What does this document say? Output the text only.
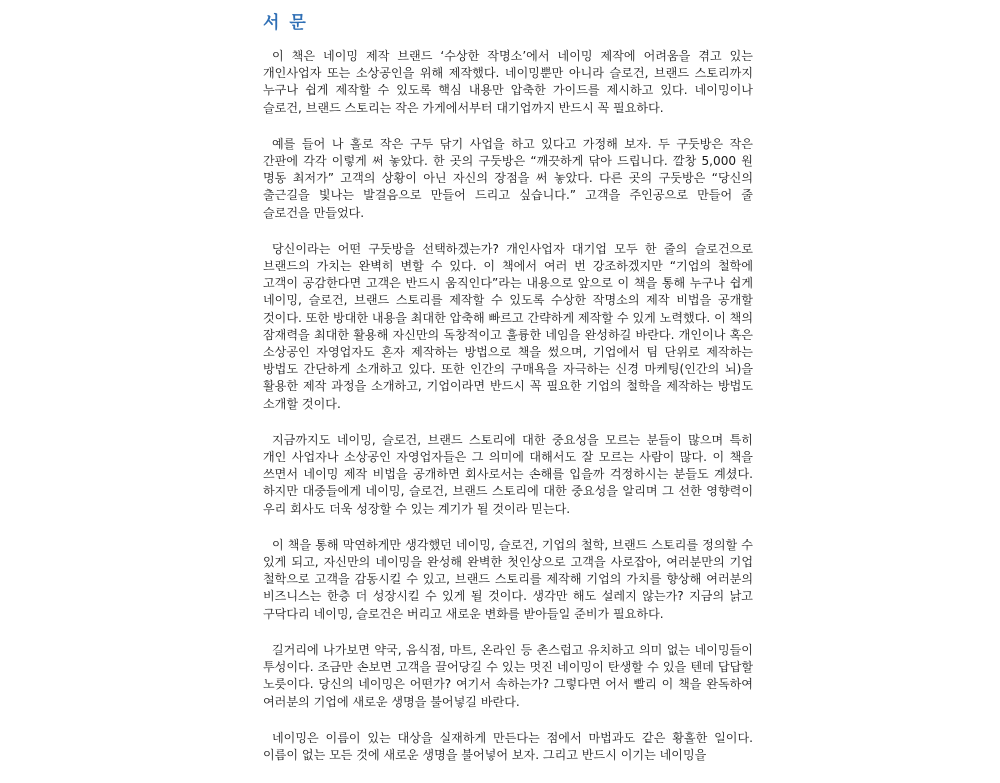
서 문

이 책은 네이밍 제작 브랜드 ‘수상한 작명소’에서 네이밍 제작에 어려움을 겪고 있는 개인사업자 또는 소상공인을 위해 제작했다. 네이밍뿐만 아니라 슬로건, 브랜드 스토리까지 누구나 쉽게 제작할 수 있도록 핵심 내용만 압축한 가이드를 제시하고 있다. 네이밍이나 슬로건, 브랜드 스토리는 작은 가게에서부터 대기업까지 반드시 꼭 필요하다.

예를 들어 나 홀로 작은 구두 닦기 사업을 하고 있다고 가정해 보자. 두 구둣방은 작은 간판에 각각 이렇게 써 놓았다. 한 곳의 구둣방은 “깨끗하게 닦아 드립니다. 깔창 5,000 원 명동 최저가” 고객의 상황이 아닌 자신의 장점을 써 놓았다. 다른 곳의 구둣방은 “당신의 출근길을 빛나는 발걸음으로 만들어 드리고 싶습니다.” 고객을 주인공으로 만들어 줄 슬로건을 만들었다.

당신이라는 어떤 구둣방을 선택하겠는가? 개인사업자 대기업 모두 한 줄의 슬로건으로 브랜드의 가치는 완벽히 변할 수 있다. 이 책에서 여러 번 강조하겠지만 “기업의 철학에 고객이 공감한다면 고객은 반드시 움직인다”라는 내용으로 앞으로 이 책을 통해 누구나 쉽게 네이밍, 슬로건, 브랜드 스토리를 제작할 수 있도록 수상한 작명소의 제작 비법을 공개할 것이다. 또한 방대한 내용을 최대한 압축해 빠르고 간략하게 제작할 수 있게 노력했다. 이 책의 잠재력을 최대한 활용해 자신만의 독창적이고 훌륭한 네임을 완성하길 바란다. 개인이나 혹은 소상공인 자영업자도 혼자 제작하는 방법으로 책을 썼으며, 기업에서 팀 단위로 제작하는 방법도 간단하게 소개하고 있다. 또한 인간의 구매욕을 자극하는 신경 마케팅(인간의 뇌)을 활용한 제작 과정을 소개하고, 기업이라면 반드시 꼭 필요한 기업의 철학을 제작하는 방법도 소개할 것이다.

지금까지도 네이밍, 슬로건, 브랜드 스토리에 대한 중요성을 모르는 분들이 많으며 특히 개인 사업자나 소상공인 자영업자들은 그 의미에 대해서도 잘 모르는 사람이 많다. 이 책을 쓰면서 네이밍 제작 비법을 공개하면 회사로서는 손해를 입을까 걱정하시는 분들도 계셨다. 하지만 대중들에게 네이밍, 슬로건, 브랜드 스토리에 대한 중요성을 알리며 그 선한 영향력이 우리 회사도 더욱 성장할 수 있는 계기가 될 것이라 믿는다.

이 책을 통해 막연하게만 생각했던 네이밍, 슬로건, 기업의 철학, 브랜드 스토리를 정의할 수 있게 되고, 자신만의 네이밍을 완성해 완벽한 첫인상으로 고객을 사로잡아, 여러분만의 기업 철학으로 고객을 감동시킬 수 있고, 브랜드 스토리를 제작해 기업의 가치를 향상해 여러분의 비즈니스는 한층 더 성장시킬 수 있게 될 것이다. 생각만 해도 설레지 않는가? 지금의 낡고 구닥다리 네이밍, 슬로건은 버리고 새로운 변화를 받아들일 준비가 필요하다.

길거리에 나가보면 약국, 음식점, 마트, 온라인 등 촌스럽고 유치하고 의미 없는 네이밍들이 투성이다. 조금만 손보면 고객을 끌어당길 수 있는 멋진 네이밍이 탄생할 수 있을 텐데 답답할 노릇이다. 당신의 네이밍은 어떤가? 여기서 속하는가? 그렇다면 어서 빨리 이 책을 완독하여 여러분의 기업에 새로운 생명을 불어넣길 바란다.

네이밍은 이름이 있는 대상을 실재하게 만든다는 점에서 마법과도 같은 황홀한 일이다. 이름이 없는 모든 것에 새로운 생명을 불어넣어 보자. 그리고 반드시 이기는 네이밍을
